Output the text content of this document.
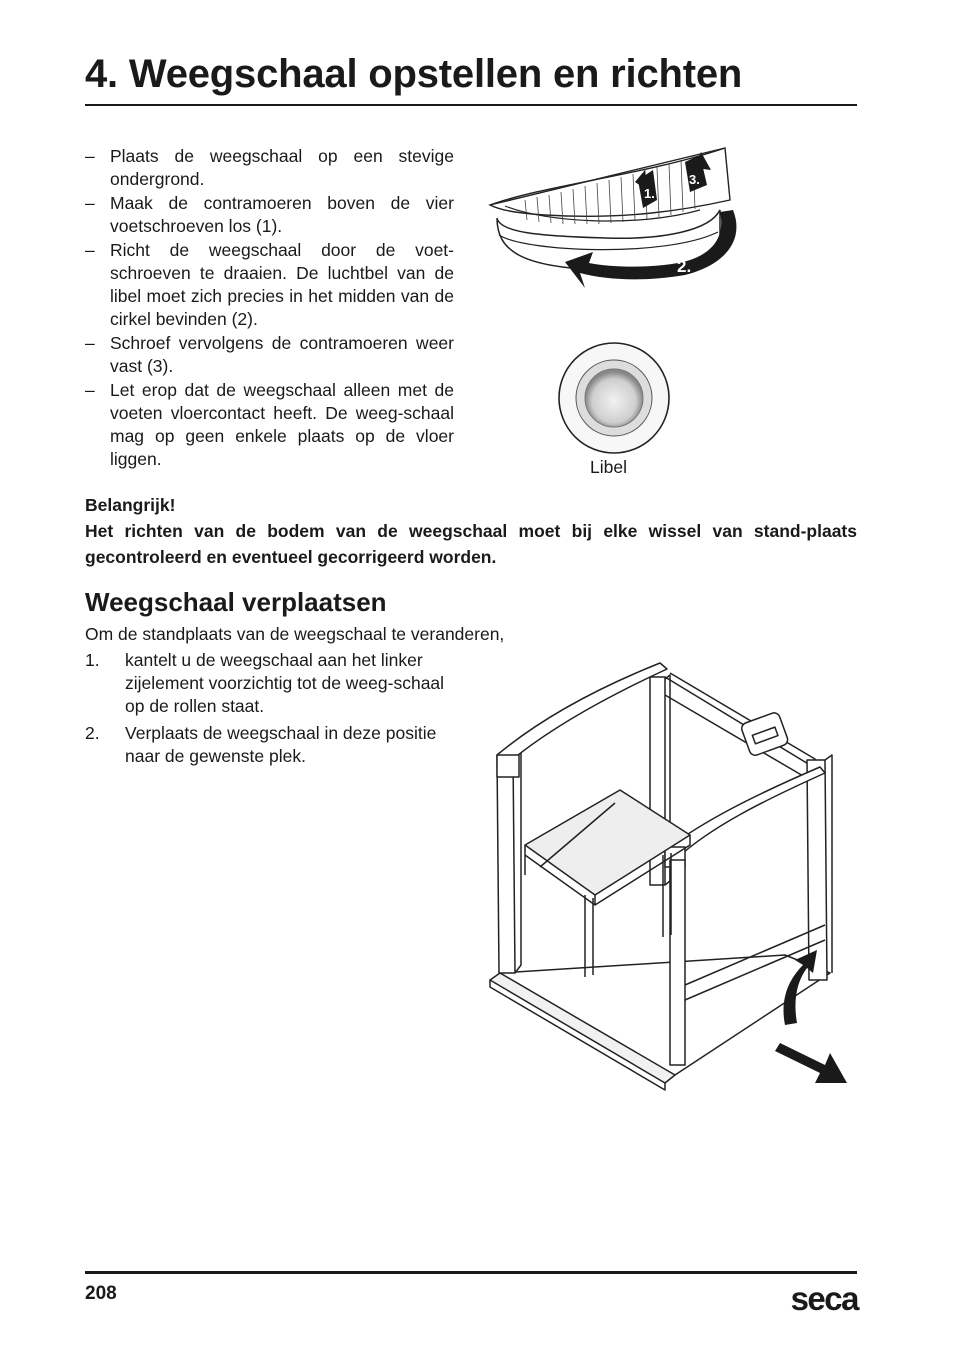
4. Weegschaal opstellen en richten
– Plaats de weegschaal op een stevige ondergrond.
– Maak de contramoeren boven de vier voetschroeven los (1).
– Richt de weegschaal door de voet-schroeven te draaien. De luchtbel van de libel moet zich precies in het midden van de cirkel bevinden (2).
– Schroef vervolgens de contramoeren weer vast (3).
– Let erop dat de weegschaal alleen met de voeten vloercontact heeft. De weeg-schaal mag op geen enkele plaats op de vloer liggen.
2.
1.
3.
Libel
Belangrijk!
Het richten van de bodem van de weegschaal moet bij elke wissel van stand-plaats gecontroleerd en eventueel gecorrigeerd worden.
Weegschaal verplaatsen
Om de standplaats van de weegschaal te veranderen,
1. kantelt u de weegschaal aan het linker zijelement voorzichtig tot de weeg-schaal op de rollen staat.
2. Verplaats de weegschaal in deze positie naar de gewenste plek.
208	seca
